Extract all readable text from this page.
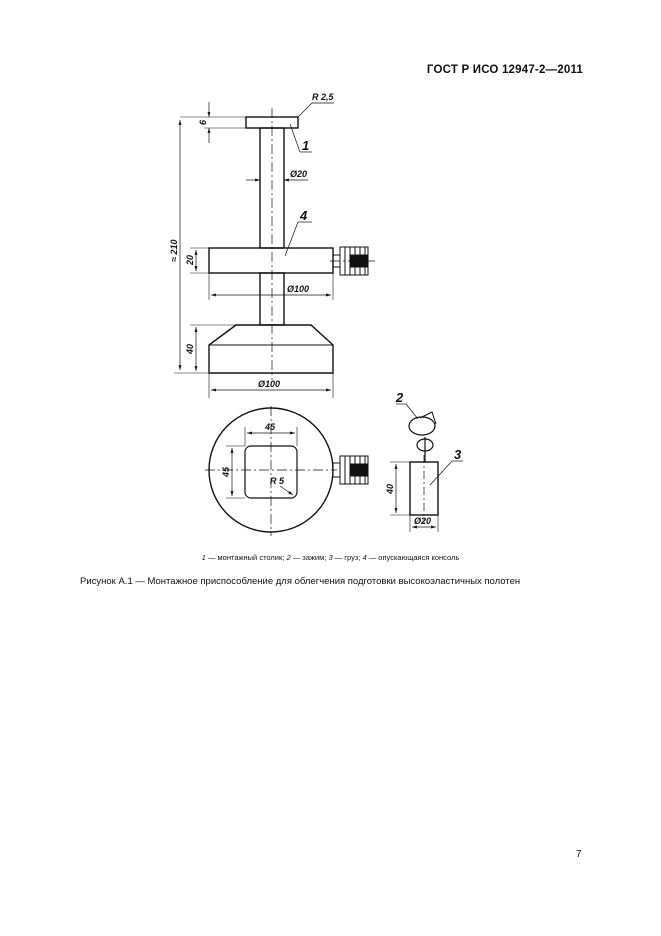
ГОСТ Р ИСО 12947-2—2011
R 2,5
6
Ø20
≈ 210 20
Ø100
40
Ø100
45
45
R 5
40
Ø20
1
4
2
3
1 — монтажный столик; 2 — зажим; 3 — груз; 4 — опускающаяся консоль
Рисунок А.1 — Монтажное приспособление для облегчения подготовки высокоэластичных полотен
7
